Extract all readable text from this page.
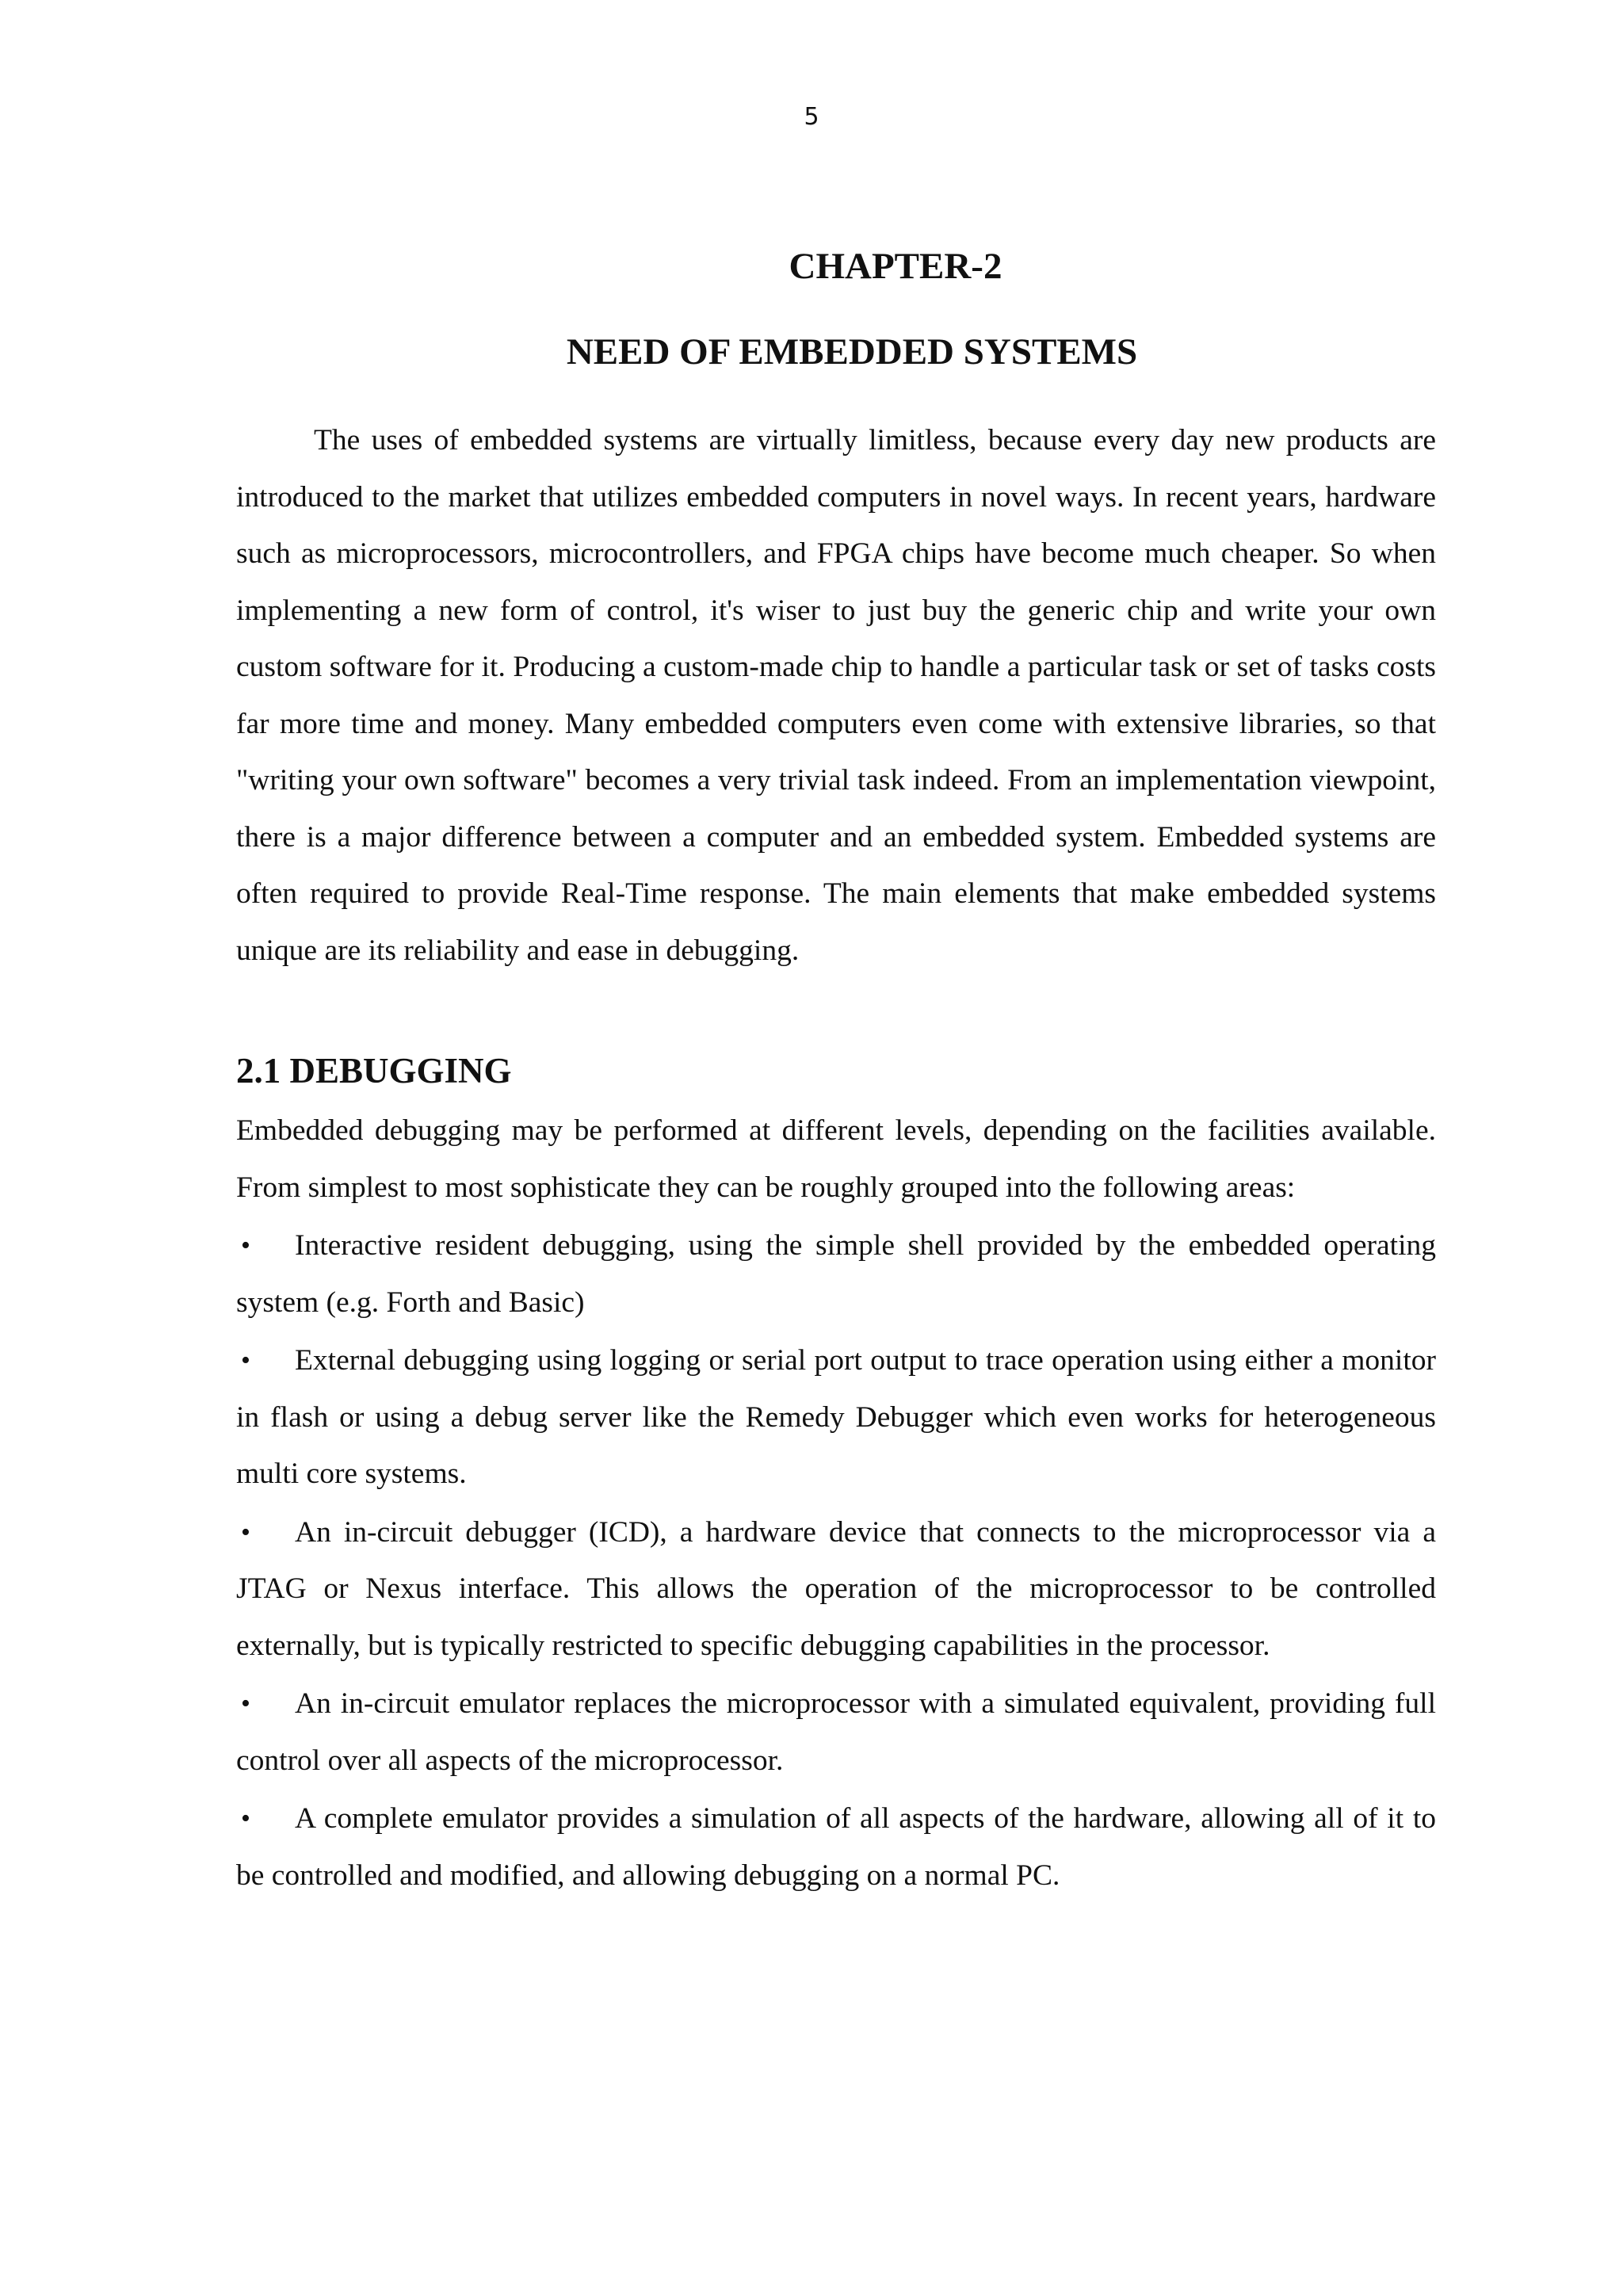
5
CHAPTER-2
NEED OF EMBEDDED SYSTEMS

The uses of embedded systems are virtually limitless, because every day new products are introduced to the market that utilizes embedded computers in novel ways. In recent years, hardware such as microprocessors, microcontrollers, and FPGA chips have become much cheaper. So when implementing a new form of control, it's wiser to just buy the generic chip and write your own custom software for it. Producing a custom-made chip to handle a particular task or set of tasks costs far more time and money. Many embedded computers even come with extensive libraries, so that "writing your own software" becomes a very trivial task indeed. From an implementation viewpoint, there is a major difference between a computer and an embedded system. Embedded systems are often required to provide Real-Time response. The main elements that make embedded systems unique are its reliability and ease in debugging.

2.1 DEBUGGING

Embedded debugging may be performed at different levels, depending on the facilities available. From simplest to most sophisticate they can be roughly grouped into the following areas:

• Interactive resident debugging, using the simple shell provided by the embedded operating system (e.g. Forth and Basic)

• External debugging using logging or serial port output to trace operation using either a monitor in flash or using a debug server like the Remedy Debugger which even works for heterogeneous multi core systems.

• An in-circuit debugger (ICD), a hardware device that connects to the microprocessor via a JTAG or Nexus interface. This allows the operation of the microprocessor to be controlled externally, but is typically restricted to specific debugging capabilities in the processor.

• An in-circuit emulator replaces the microprocessor with a simulated equivalent, providing full control over all aspects of the microprocessor.

• A complete emulator provides a simulation of all aspects of the hardware, allowing all of it to be controlled and modified, and allowing debugging on a normal PC.
